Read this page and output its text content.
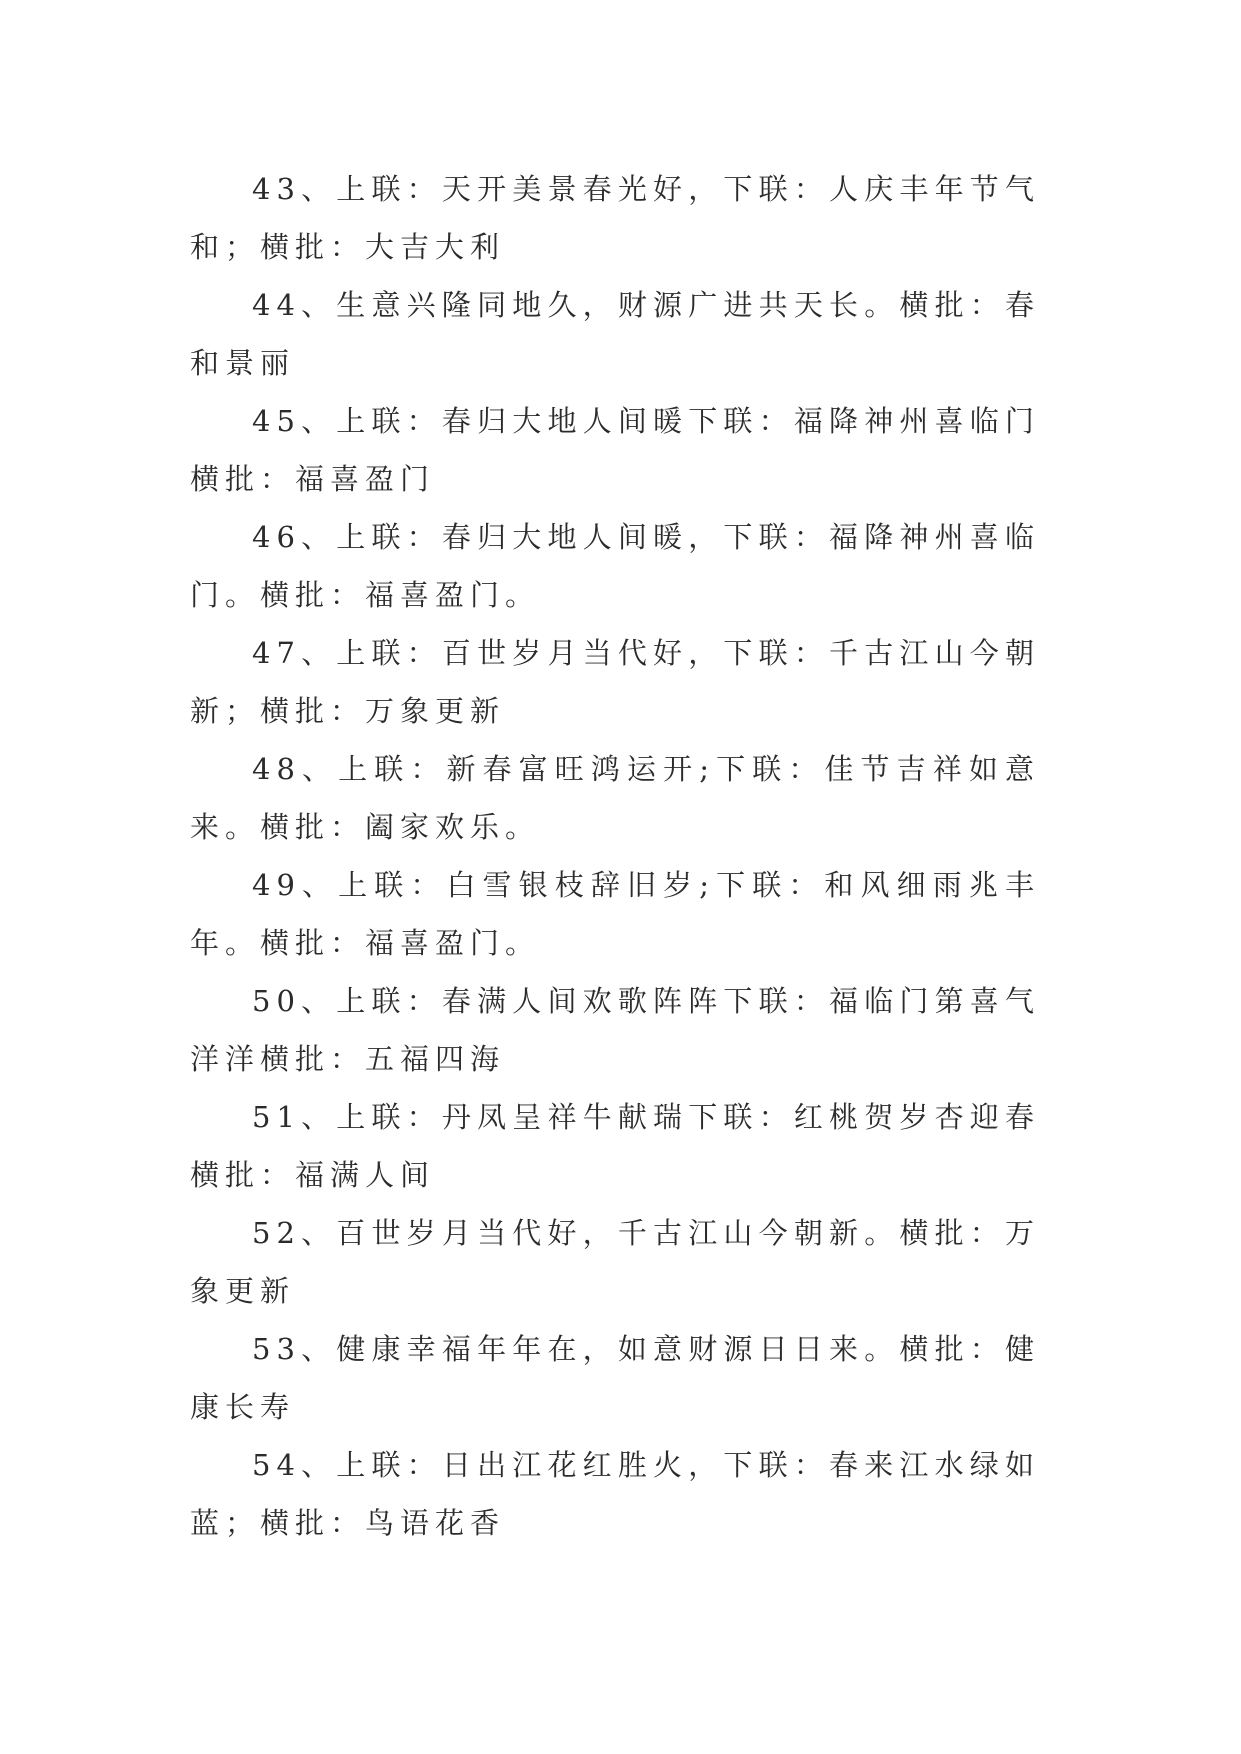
43、上联：天开美景春光好，下联：人庆丰年节气和；横批：大吉大利

44、生意兴隆同地久，财源广进共天长。横批：春和景丽

45、上联：春归大地人间暖下联：福降神州喜临门横批：福喜盈门

46、上联：春归大地人间暖，下联：福降神州喜临门。横批：福喜盈门。

47、上联：百世岁月当代好，下联：千古江山今朝新；横批：万象更新

48、上联：新春富旺鸿运开;下联：佳节吉祥如意来。横批：阖家欢乐。

49、上联：白雪银枝辞旧岁;下联：和风细雨兆丰年。横批：福喜盈门。

50、上联：春满人间欢歌阵阵下联：福临门第喜气洋洋横批：五福四海

51、上联：丹凤呈祥牛献瑞下联：红桃贺岁杏迎春横批：福满人间

52、百世岁月当代好，千古江山今朝新。横批：万象更新

53、健康幸福年年在，如意财源日日来。横批：健康长寿

54、上联：日出江花红胜火，下联：春来江水绿如蓝；横批：鸟语花香
